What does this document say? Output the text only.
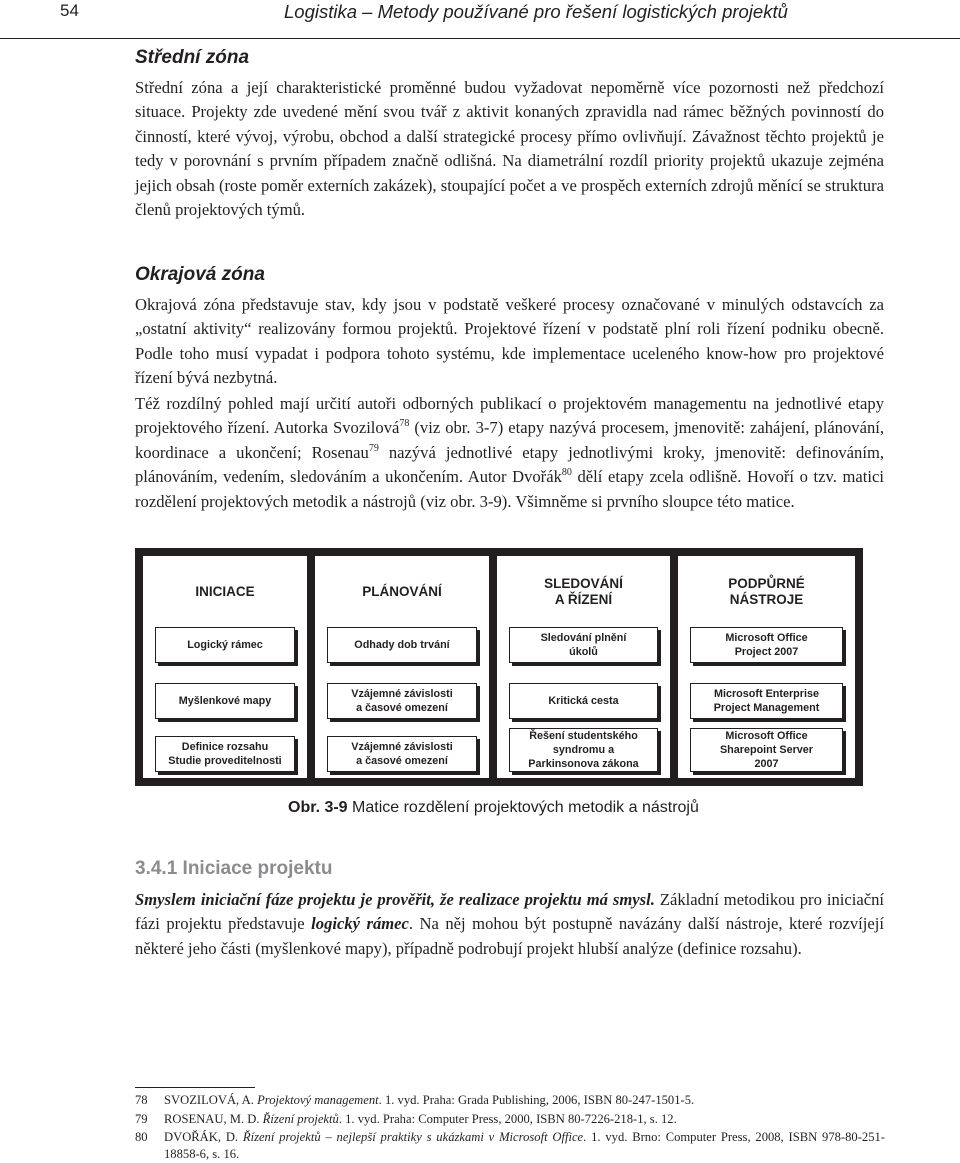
54	Logistika – Metody používané pro řešení logistických projektů
Střední zóna

Střední zóna a její charakteristické proměnné budou vyžadovat nepoměrně více pozornosti než předchozí situace. Projekty zde uvedené mění svou tvář z aktivit konaných zpravidla nad rámec běžných povinností do činností, které vývoj, výrobu, obchod a další strategické procesy přímo ovlivňují. Závažnost těchto projektů je tedy v porovnání s prvním případem značně odlišná. Na diametrální rozdíl priority projektů ukazuje zejména jejich obsah (roste poměr externích zakázek), stoupající počet a ve prospěch externích zdrojů měnící se struktura členů projektových týmů.

Okrajová zóna

Okrajová zóna představuje stav, kdy jsou v podstatě veškeré procesy označované v minulých odstavcích za „ostatní aktivity“ realizovány formou projektů. Projektové řízení v podstatě plní roli řízení podniku obecně. Podle toho musí vypadat i podpora tohoto systému, kde implementace uceleného know-how pro projektové řízení bývá nezbytná.

Též rozdílný pohled mají určití autoři odborných publikací o projektovém managementu na jednotlivé etapy projektového řízení. Autorka Svozilová$^{78}$ (viz obr. 3-7) etapy nazývá procesem, jmenovitě: zahájení, plánování, koordinace a ukončení; Rosenau$^{79}$ nazývá jednotlivé etapy jednotlivými kroky, jmenovitě: definováním, plánováním, vedením, sledováním a ukončením. Autor Dvořák$^{80}$ dělí etapy zcela odlišně. Hovoří o tzv. matici rozdělení projektových metodik a nástrojů (viz obr. 3-9). Všimněme si prvního sloupce této matice.

INICIACE
Logický rámec
Myšlenkové mapy
Definice rozsahu
Studie proveditelnosti
PLÁNOVÁNÍ
Odhady dob trvání
Vzájemné závislosti
a časové omezení
Vzájemné závislosti
a časové omezení
SLEDOVÁNÍ
A ŘÍZENÍ
Sledování plnění
úkolů
Kritická cesta
Řešení studentského
syndromu a
Parkinsonova zákona
PODPŮRNÉ
NÁSTROJE
Microsoft Office
Project 2007
Microsoft Enterprise
Project Management
Microsoft Office
Sharepoint Server
2007
Obr. 3-9 Matice rozdělení projektových metodik a nástrojů
3.4.1 Iniciace projektu

Smyslem iniciační fáze projektu je prověřit, že realizace projektu má smysl. Základní metodikou pro iniciační fázi projektu představuje logický rámec. Na něj mohou být postupně navázány další nástroje, které rozvíjejí některé jeho části (myšlenkové mapy), případně podrobují projekt hlubší analýze (definice rozsahu).

78 SVOZILOVÁ, A. Projektový management. 1. vyd. Praha: Grada Publishing, 2006, ISBN 80-247-1501-5.
79 ROSENAU, M. D. Řízení projektů. 1. vyd. Praha: Computer Press, 2000, ISBN 80-7226-218-1, s. 12.
80 DVOŘÁK, D. Řízení projektů – nejlepší praktiky s ukázkami v Microsoft Office. 1. vyd. Brno: Computer Press, 2008, ISBN 978-80-251-18858-6, s. 16.
